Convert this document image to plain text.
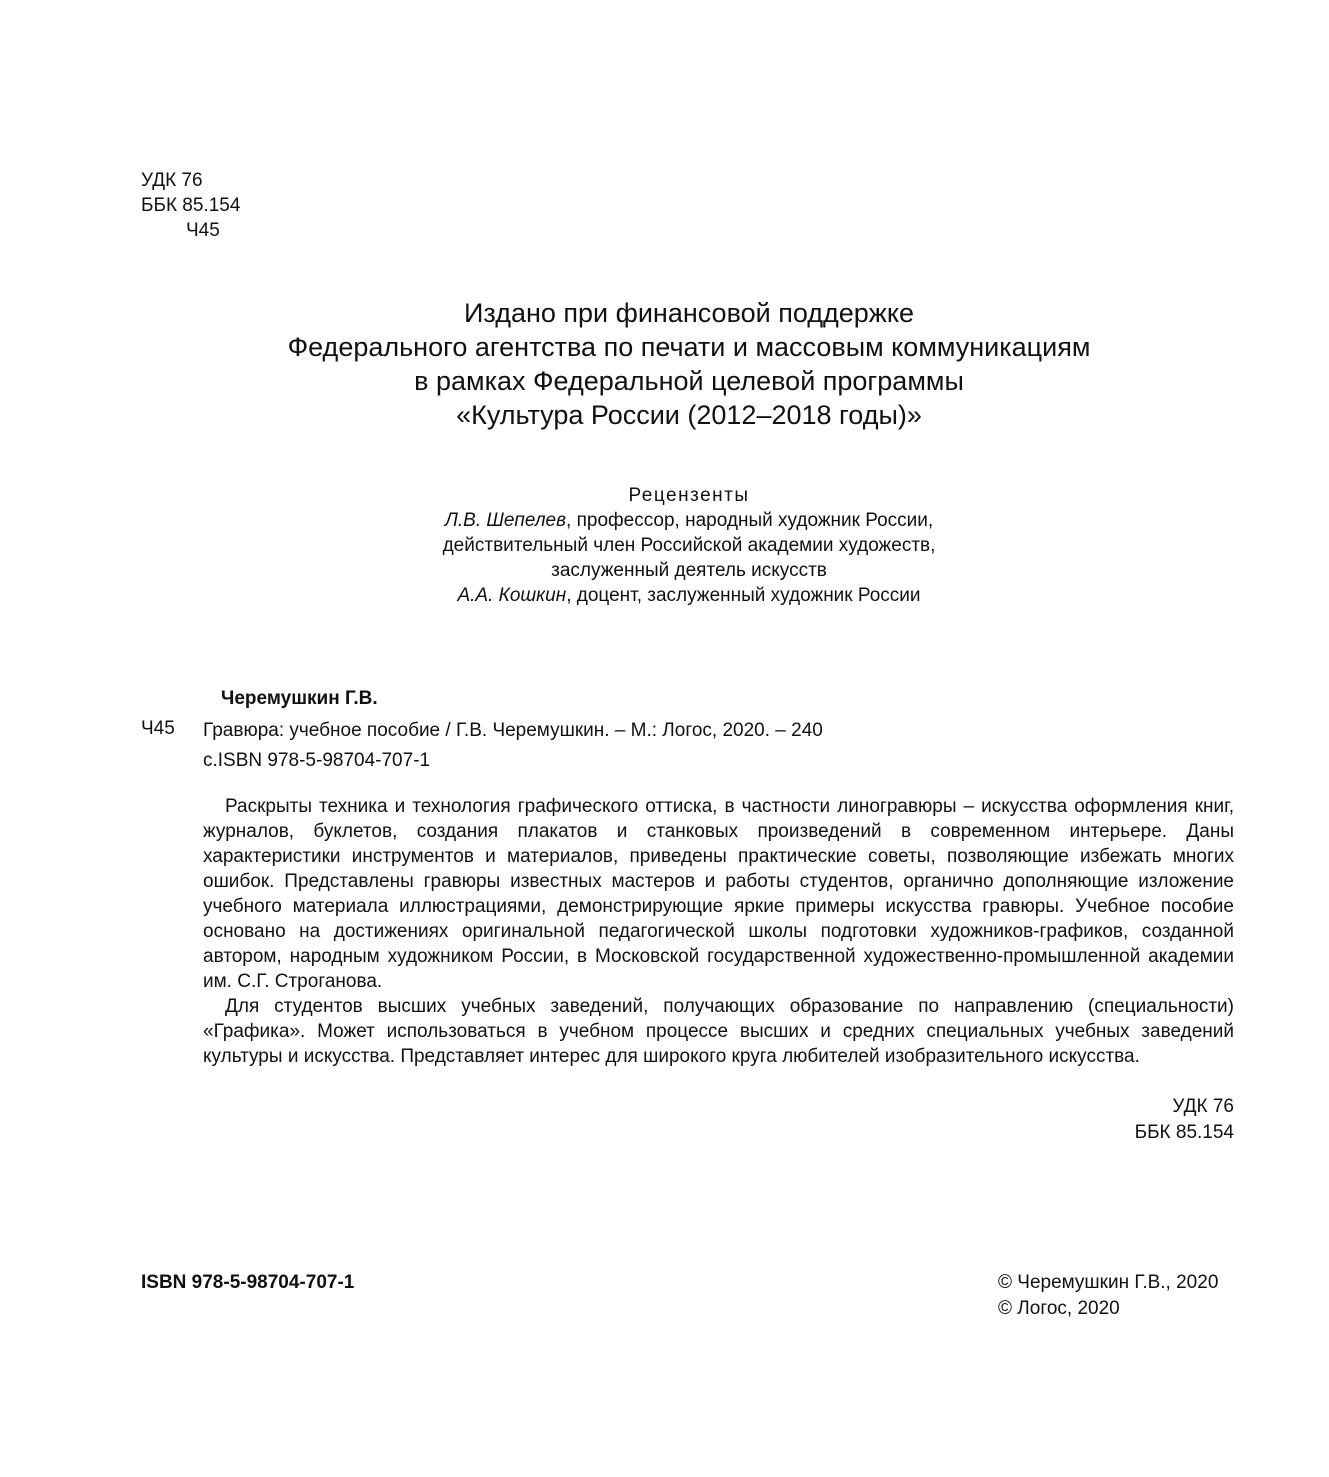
УДК 76
ББК 85.154
Ч45
Издано при финансовой поддержке
Федерального агентства по печати и массовым коммуникациям
в рамках Федеральной целевой программы
«Культура России (2012–2018 годы)»
Рецензенты
Л.В. Шепелев, профессор, народный художник России,
действительный член Российской академии художеств,
заслуженный деятель искусств
А.А. Кошкин, доцент, заслуженный художник России
Черемушкин Г.В.
Ч45 Гравюра: учебное пособие / Г.В. Черемушкин. – М.: Логос, 2020. – 240
с.ISBN 978-5-98704-707-1

Раскрыты техника и технология графического оттиска, в частности линогравюры – искусства оформления книг, журналов, буклетов, создания плакатов и станковых произведений в современном интерьере. Даны характеристики инструментов и материалов, приведены практические советы, позволяющие избежать многих ошибок. Представлены гравюры известных мастеров и работы студентов, органично дополняющие изложение учебного материала иллюстрациями, демонстрирующие яркие примеры искусства гравюры. Учебное пособие основано на достижениях оригинальной педагогической школы подготовки художников-графиков, созданной автором, народным художником России, в Московской государственной художественно-промышленной академии им. С.Г. Строганова.

Для студентов высших учебных заведений, получающих образование по направлению (специальности) «Графика». Может использоваться в учебном процессе высших и средних специальных учебных заведений культуры и искусства. Представляет интерес для широкого круга любителей изобразительного искусства.

УДК 76
ББК 85.154
ISBN 978-5-98704-707-1	© Черемушкин Г.В., 2020
© Логос, 2020
